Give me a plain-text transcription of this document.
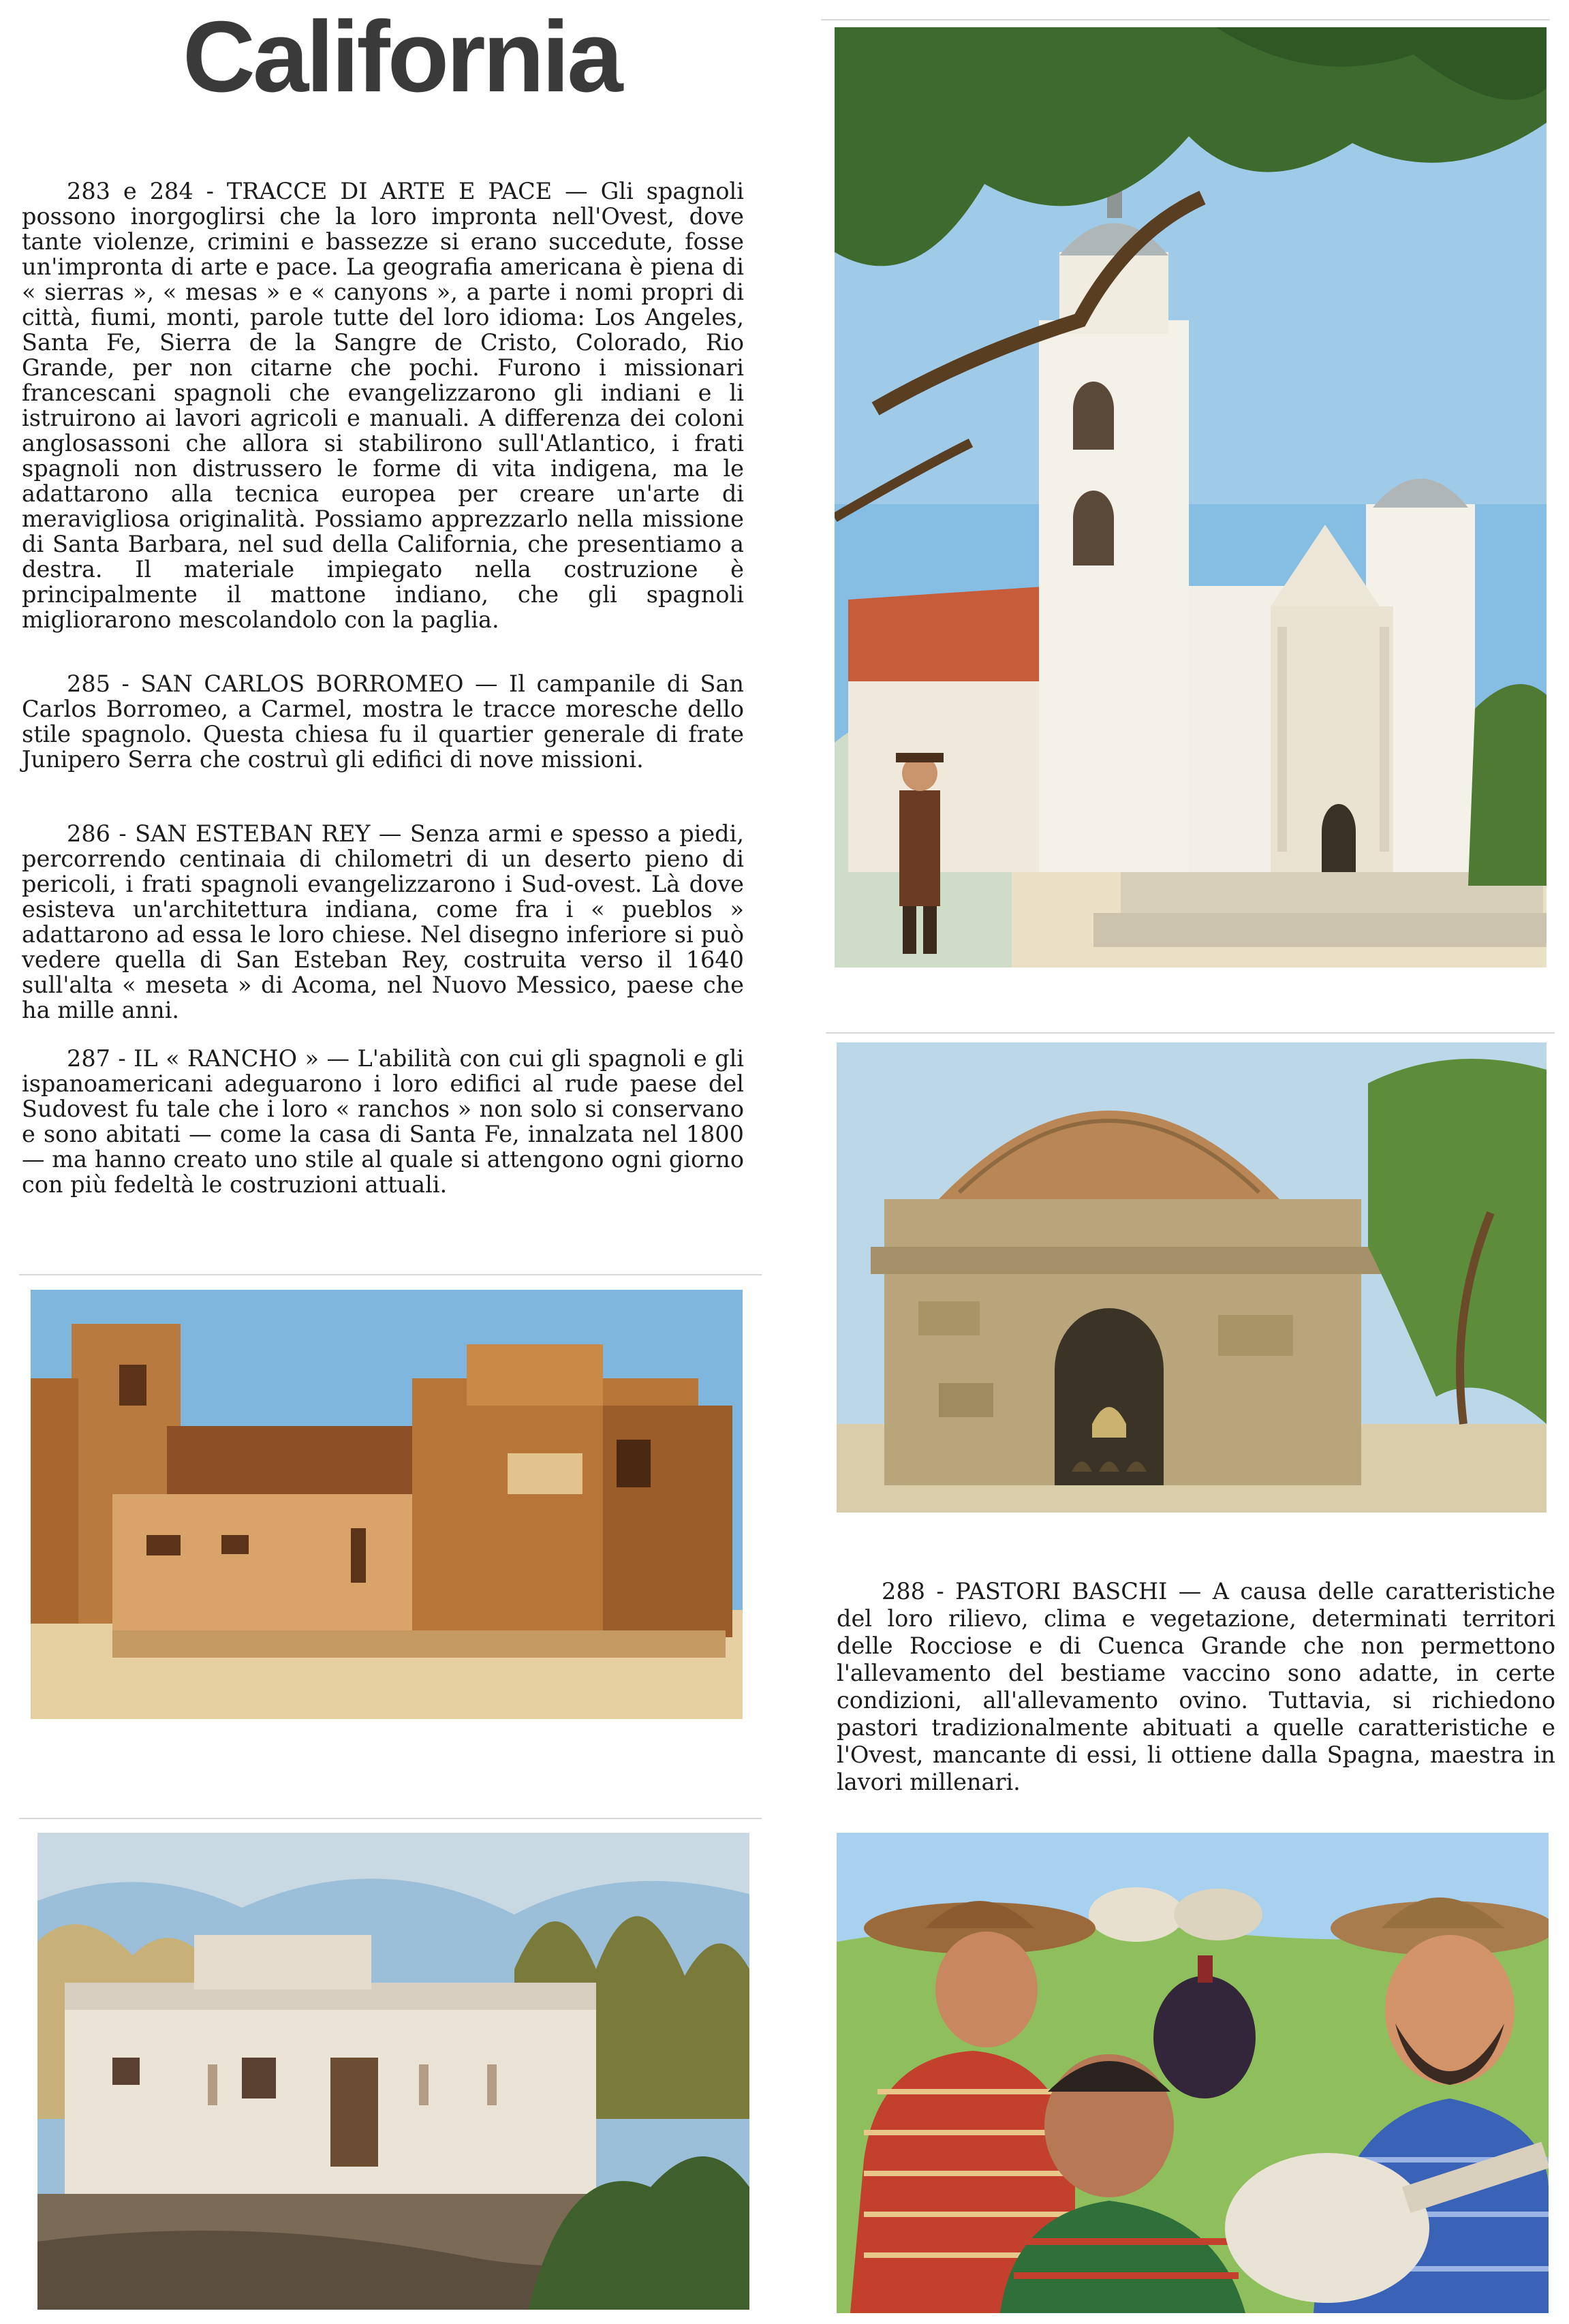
California

283 e 284 - TRACCE DI ARTE E PACE — Gli spagnoli possono inorgoglirsi che la loro impronta nell'Ovest, dove tante violenze, crimini e bassezze si erano succedute, fosse un'impronta di arte e pace. La geografia americana è piena di « sierras », « mesas » e « canyons », a parte i nomi propri di città, fiumi, monti, parole tutte del loro idioma: Los Angeles, Santa Fe, Sierra de la Sangre de Cristo, Colorado, Rio Grande, per non citarne che pochi. Furono i missionari francescani spagnoli che evangelizzarono gli indiani e li istruirono ai lavori agricoli e manuali. A differenza dei coloni anglosassoni che allora si stabilirono sull'Atlantico, i frati spagnoli non distrussero le forme di vita indigena, ma le adattarono alla tecnica europea per creare un'arte di meravigliosa originalità. Possiamo apprezzarlo nella missione di Santa Barbara, nel sud della California, che presentiamo a destra. Il materiale impiegato nella costruzione è principalmente il mattone indiano, che gli spagnoli migliorarono mescolandolo con la paglia.

285 - SAN CARLOS BORROMEO — Il campanile di San Carlos Borromeo, a Carmel, mostra le tracce moresche dello stile spagnolo. Questa chiesa fu il quartier generale di frate Junipero Serra che costruì gli edifici di nove missioni.

286 - SAN ESTEBAN REY — Senza armi e spesso a piedi, percorrendo centinaia di chilometri di un deserto pieno di pericoli, i frati spagnoli evangelizzarono i Sud-ovest. Là dove esisteva un'architettura indiana, come fra i « pueblos » adattarono ad essa le loro chiese. Nel disegno inferiore si può vedere quella di San Esteban Rey, costruita verso il 1640 sull'alta « meseta » di Acoma, nel Nuovo Messico, paese che ha mille anni.

287 - IL « RANCHO » — L'abilità con cui gli spagnoli e gli ispanoamericani adeguarono i loro edifici al rude paese del Sudovest fu tale che i loro « ranchos » non solo si conservano e sono abitati — come la casa di Santa Fe, innalzata nel 1800 — ma hanno creato uno stile al quale si attengono ogni giorno con più fedeltà le costruzioni attuali.

288 - PASTORI BASCHI — A causa delle caratteristiche del loro rilievo, clima e vegetazione, determinati territori delle Rocciose e di Cuenca Grande che non permettono l'allevamento del bestiame vaccino sono adatte, in certe condizioni, all'allevamento ovino. Tuttavia, si richiedono pastori tradizionalmente abituati a quelle caratteristiche e l'Ovest, mancante di essi, li ottiene dalla Spagna, maestra in lavori millenari.
